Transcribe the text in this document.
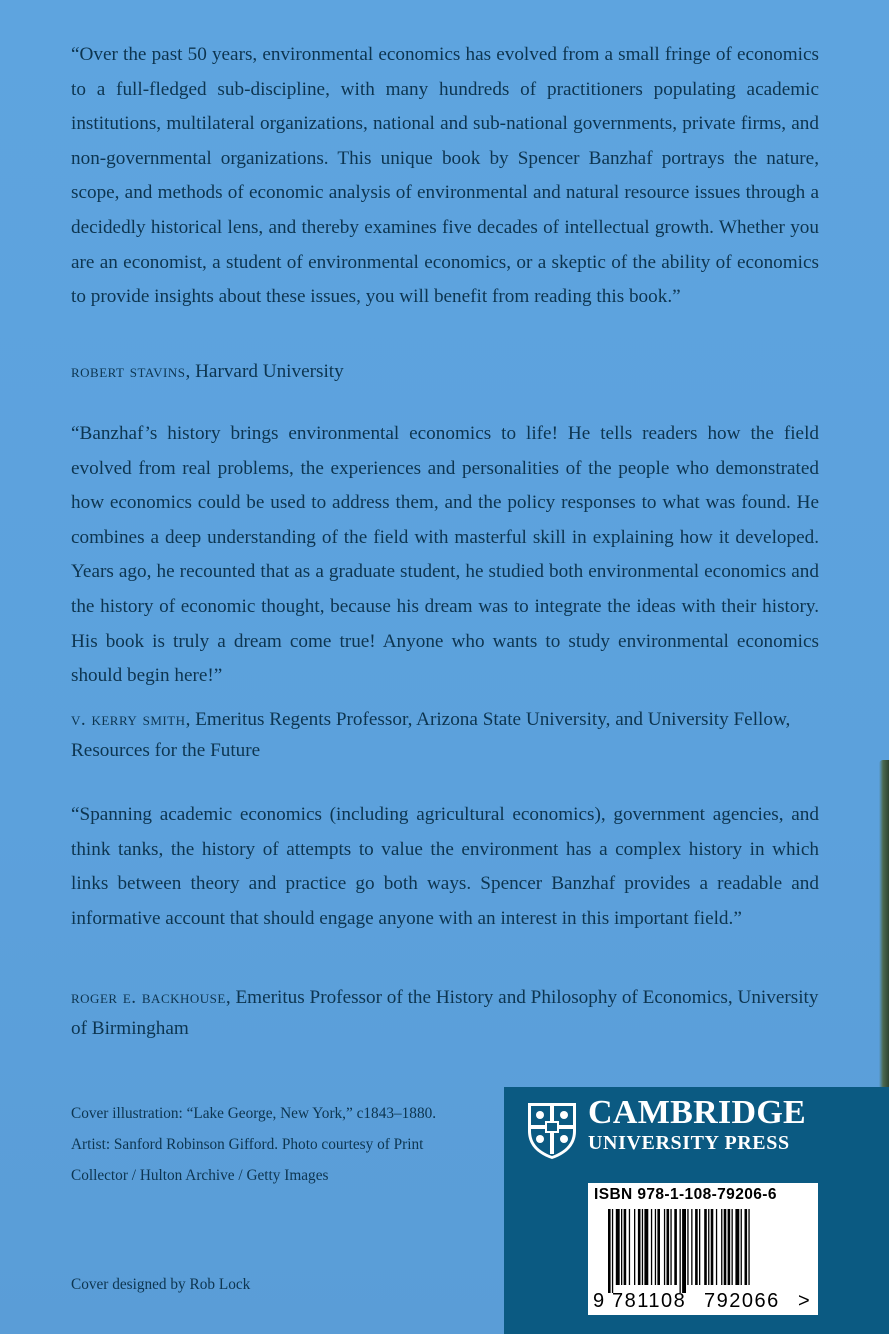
“Over the past 50 years, environmental economics has evolved from a small fringe of economics to a full-fledged sub-discipline, with many hundreds of practitioners populating academic institutions, multilateral organizations, national and sub-national governments, private firms, and non-governmental organizations. This unique book by Spencer Banzhaf portrays the nature, scope, and methods of economic analysis of environmental and natural resource issues through a decidedly historical lens, and thereby examines five decades of intellectual growth. Whether you are an economist, a student of environmental economics, or a skeptic of the ability of economics to provide insights about these issues, you will benefit from reading this book.”

robert stavins, Harvard University

“Banzhaf’s history brings environmental economics to life! He tells readers how the field evolved from real problems, the experiences and personalities of the people who demonstrated how economics could be used to address them, and the policy responses to what was found. He combines a deep understanding of the field with masterful skill in explaining how it developed. Years ago, he recounted that as a graduate student, he studied both environmental economics and the history of economic thought, because his dream was to integrate the ideas with their history. His book is truly a dream come true! Anyone who wants to study environmental economics should begin here!”

v. kerry smith, Emeritus Regents Professor, Arizona State University, and University Fellow, Resources for the Future

“Spanning academic economics (including agricultural economics), government agencies, and think tanks, the history of attempts to value the environment has a complex history in which links between theory and practice go both ways. Spencer Banzhaf provides a readable and informative account that should engage anyone with an interest in this important field.”

roger e. backhouse, Emeritus Professor of the History and Philosophy of Economics, University of Birmingham

Cover illustration: “Lake George, New York,” c1843–1880. Artist: Sanford Robinson Gifford. Photo courtesy of Print Collector / Hulton Archive / Getty Images
Cover designed by Rob Lock
CAMBRIDGE
UNIVERSITY PRESS
ISBN 978-1-108-79206-6
9 781108 792066 >
